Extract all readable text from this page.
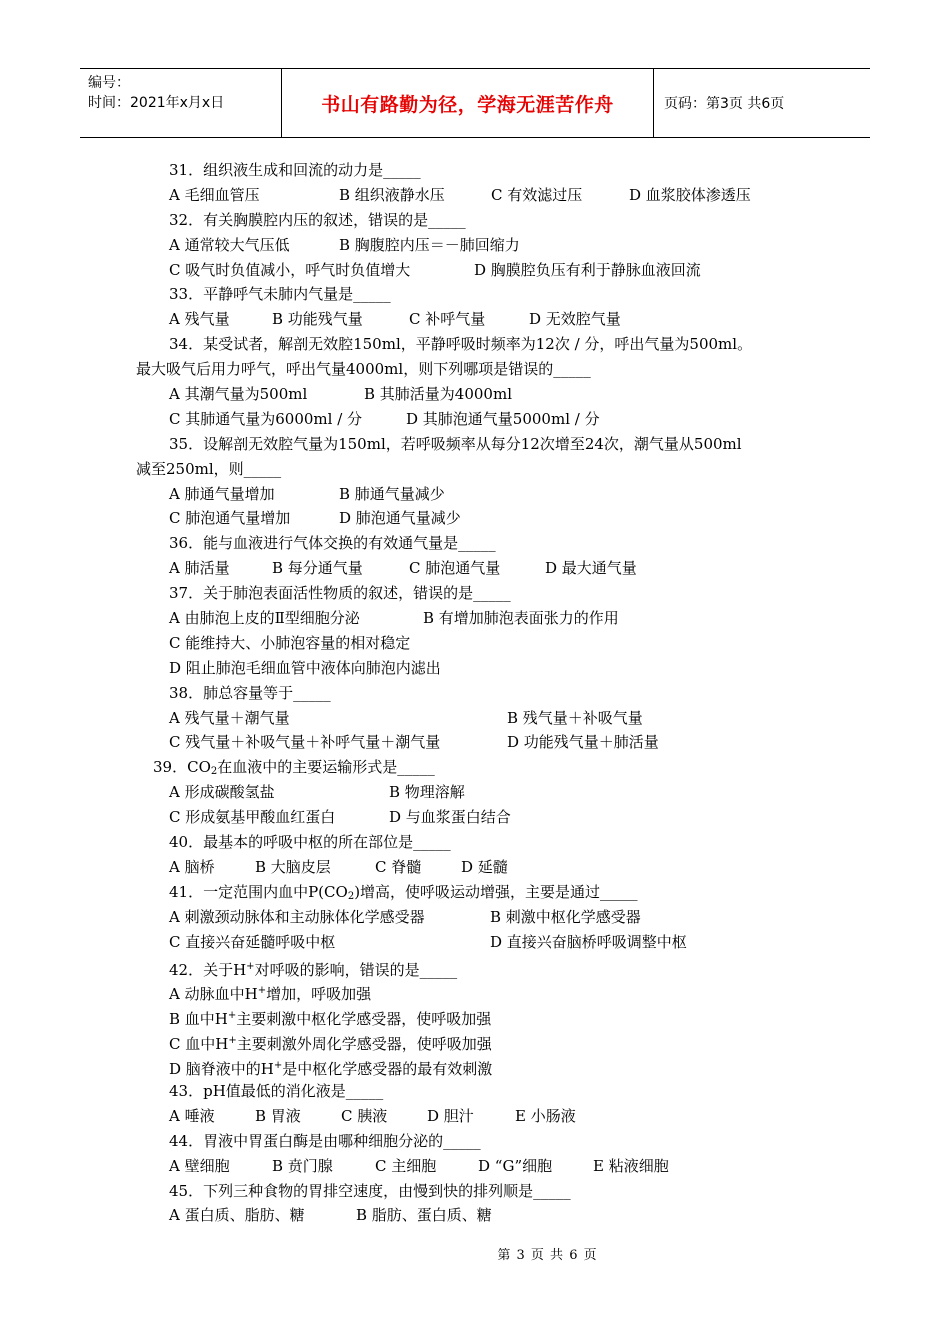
编号：
时间：2021年x月x日	书山有路勤为径，学海无涯苦作舟	页码：第3页 共6页
31．组织液生成和回流的动力是_____
A 毛细血管压	B 组织液静水压	C 有效滤过压	D 血浆胶体渗透压
32．有关胸膜腔内压的叙述，错误的是_____
A 通常较大气压低	B 胸腹腔内压＝－肺回缩力
C 吸气时负值减小，呼气时负值增大	D 胸膜腔负压有利于静脉血液回流
33．平静呼气未肺内气量是_____
A 残气量	B 功能残气量	C 补呼气量	D 无效腔气量
34．某受试者，解剖无效腔150ml，平静呼吸时频率为12次 / 分，呼出气量为500ml。
最大吸气后用力呼气，呼出气量4000ml，则下列哪项是错误的_____
A 其潮气量为500ml	B 其肺活量为4000ml
C 其肺通气量为6000ml / 分	D 其肺泡通气量5000ml / 分
35．设解剖无效腔气量为150ml，若呼吸频率从每分12次增至24次，潮气量从500ml
减至250ml，则_____
A 肺通气量增加	B 肺通气量减少
C 肺泡通气量增加	D 肺泡通气量减少
36．能与血液进行气体交换的有效通气量是_____
A 肺活量	B 每分通气量	C 肺泡通气量	D 最大通气量
37．关于肺泡表面活性物质的叙述，错误的是_____
A 由肺泡上皮的Ⅱ型细胞分泌	B 有增加肺泡表面张力的作用
C 能维持大、小肺泡容量的相对稳定
D 阻止肺泡毛细血管中液体向肺泡内滤出
38．肺总容量等于_____
A 残气量＋潮气量	B 残气量＋补吸气量
C 残气量＋补吸气量＋补呼气量＋潮气量	D 功能残气量＋肺活量
39．$CO_2$在血液中的主要运输形式是_____
A 形成碳酸氢盐	B 物理溶解
C 形成氨基甲酸血红蛋白	D 与血浆蛋白结合
40．最基本的呼吸中枢的所在部位是_____
A 脑桥	B 大脑皮层	C 脊髓	D 延髓
41．一定范围内血中$P(CO_2)$增高，使呼吸运动增强，主要是通过_____
A 刺激颈动脉体和主动脉体化学感受器	B 刺激中枢化学感受器
C 直接兴奋延髓呼吸中枢	D 直接兴奋脑桥呼吸调整中枢
42．关于H+对呼吸的影响，错误的是_____
A 动脉血中H+增加，呼吸加强
B 血中H+主要刺激中枢化学感受器，使呼吸加强
C 血中H+主要刺激外周化学感受器，使呼吸加强
D 脑脊液中的H+是中枢化学感受器的最有效刺激
43．pH值最低的消化液是_____
A 唾液	B 胃液	C 胰液	D 胆汁	E 小肠液
44．胃液中胃蛋白酶是由哪种细胞分泌的_____
A 壁细胞	B 贲门腺	C 主细胞	D “G”细胞	E 粘液细胞
45．下列三种食物的胃排空速度，由慢到快的排列顺是_____
A 蛋白质、脂肪、糖	B 脂肪、蛋白质、糖
第 3 页 共 6 页
